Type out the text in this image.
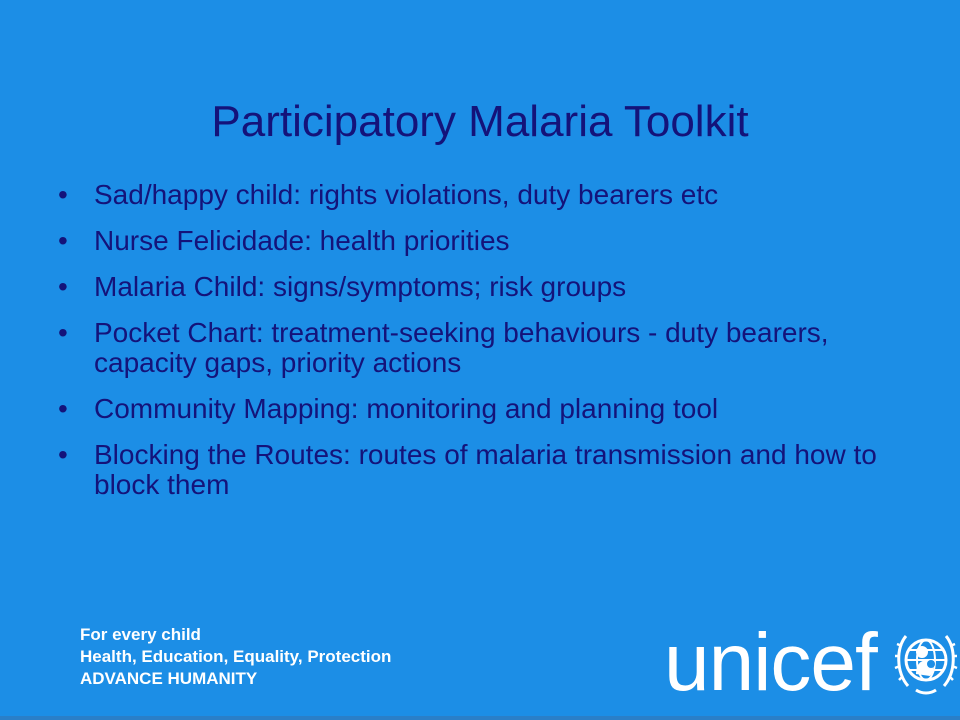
Participatory Malaria Toolkit
• Sad/happy child: rights violations, duty bearers etc
• Nurse Felicidade: health priorities
• Malaria Child: signs/symptoms; risk groups
• Pocket Chart: treatment-seeking behaviours - duty bearers, capacity gaps, priority actions
• Community Mapping: monitoring and planning tool
• Blocking the Routes: routes of malaria transmission and how to block them
For every child
Health, Education, Equality, Protection
ADVANCE HUMANITY	unicef
